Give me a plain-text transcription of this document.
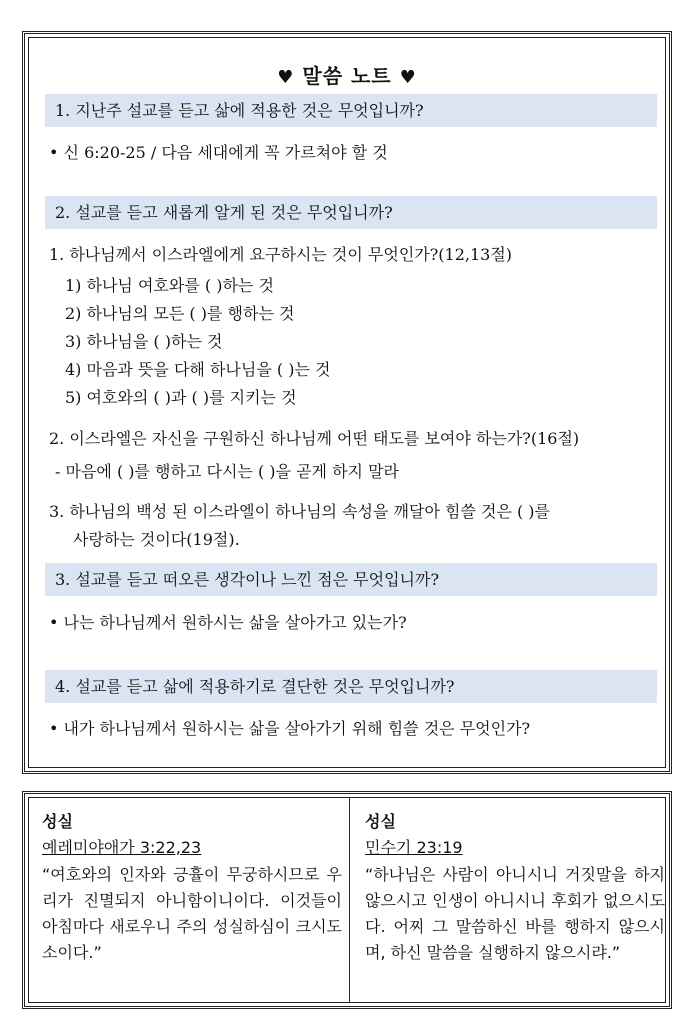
♥ 말씀 노트 ♥
1. 지난주 설교를 듣고 삶에 적용한 것은 무엇입니까?
• 신 6:20-25 / 다음 세대에게 꼭 가르쳐야 할 것
2. 설교를 듣고 새롭게 알게 된 것은 무엇입니까?
1. 하나님께서 이스라엘에게 요구하시는 것이 무엇인가?(12,13절)
1) 하나님 여호와를 ( )하는 것
2) 하나님의 모든 ( )를 행하는 것
3) 하나님을 ( )하는 것
4) 마음과 뜻을 다해 하나님을 ( )는 것
5) 여호와의 ( )과 ( )를 지키는 것
2. 이스라엘은 자신을 구원하신 하나님께 어떤 태도를 보여야 하는가?(16절)
- 마음에 ( )를 행하고 다시는 ( )을 곧게 하지 말라
3. 하나님의 백성 된 이스라엘이 하나님의 속성을 깨달아 힘쓸 것은 ( )를
사랑하는 것이다(19절).
3. 설교를 듣고 떠오른 생각이나 느낀 점은 무엇입니까?
• 나는 하나님께서 원하시는 삶을 살아가고 있는가?
4. 설교를 듣고 삶에 적용하기로 결단한 것은 무엇입니까?
• 내가 하나님께서 원하시는 삶을 살아가기 위해 힘쓸 것은 무엇인가?
성실
예레미야애가 3:22,23
“여호와의 인자와 긍휼이 무궁하시므로 우리가 진멸되지 아니함이니이다. 이것들이 아침마다 새로우니 주의 성실하심이 크시도소이다.”
성실
민수기 23:19
“하나님은 사람이 아니시니 거짓말을 하지 않으시고 인생이 아니시니 후회가 없으시도다. 어찌 그 말씀하신 바를 행하지 않으시며, 하신 말씀을 실행하지 않으시랴.”
